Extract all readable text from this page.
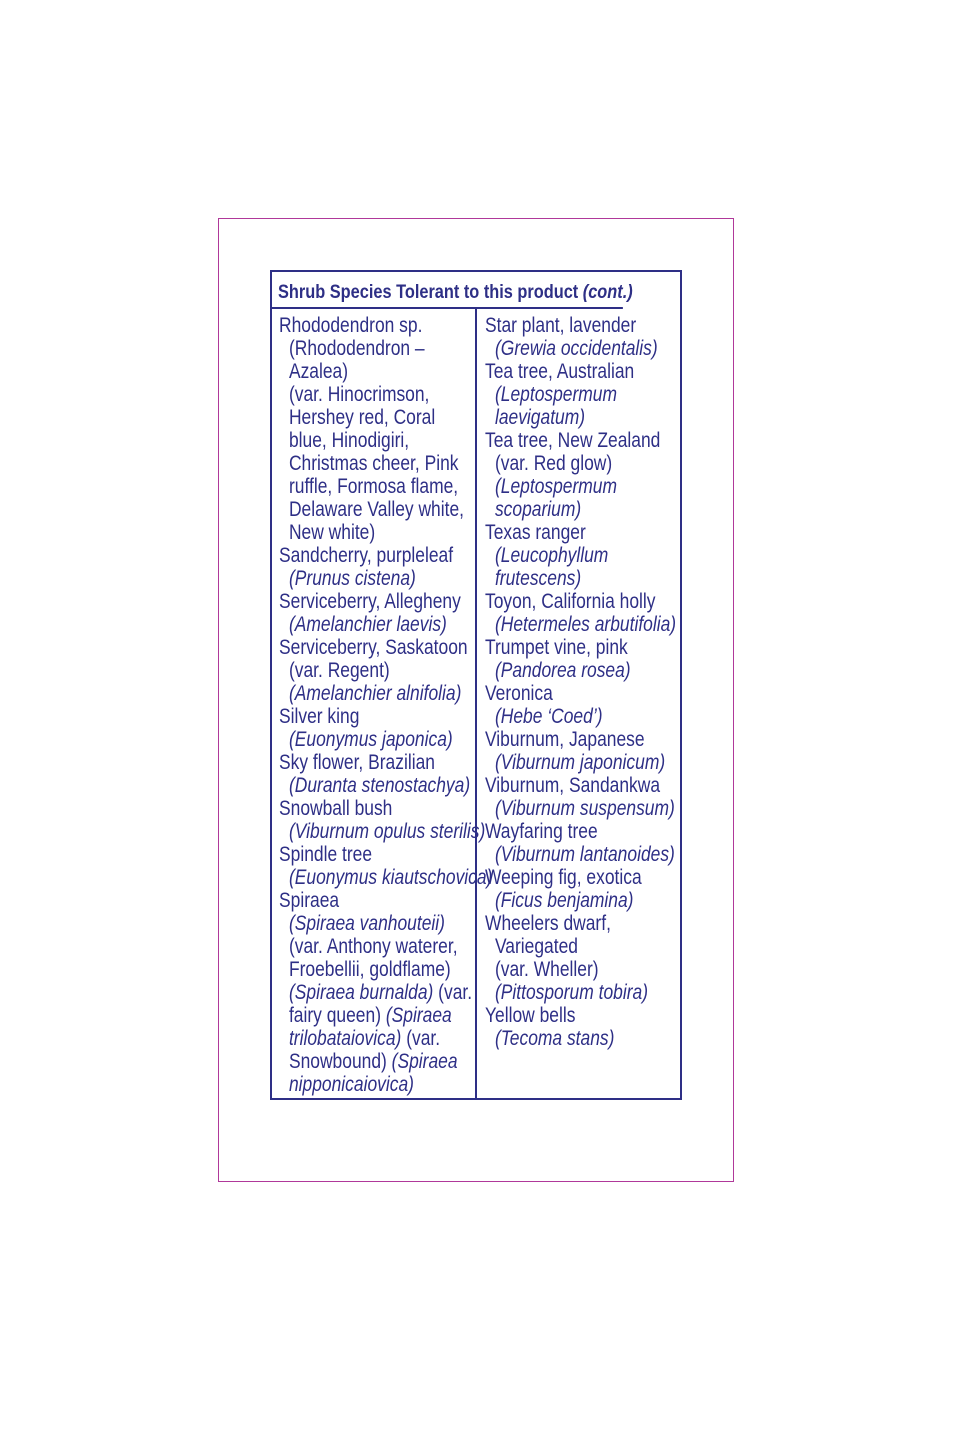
Shrub Species Tolerant to this product (cont.)
Rhododendron sp.
(Rhododendron –
Azalea)
(var. Hinocrimson,
Hershey red, Coral
blue, Hinodigiri,
Christmas cheer, Pink
ruffle, Formosa flame,
Delaware Valley white,
New white)
Sandcherry, purpleleaf
(Prunus cistena)
Serviceberry, Allegheny
(Amelanchier laevis)
Serviceberry, Saskatoon
(var. Regent)
(Amelanchier alnifolia)
Silver king
(Euonymus japonica)
Sky flower, Brazilian
(Duranta stenostachya)
Snowball bush
(Viburnum opulus sterilis)
Spindle tree
(Euonymus kiautschovica)
Spiraea
(Spiraea vanhouteii)
(var. Anthony waterer,
Froebellii, goldflame)
(Spiraea burnalda) (var.
fairy queen) (Spiraea
trilobataiovica) (var.
Snowbound) (Spiraea
nipponicaiovica)
Star plant, lavender
(Grewia occidentalis)
Tea tree, Australian
(Leptospermum
laevigatum)
Tea tree, New Zealand
(var. Red glow)
(Leptospermum
scoparium)
Texas ranger
(Leucophyllum
frutescens)
Toyon, California holly
(Hetermeles arbutifolia)
Trumpet vine, pink
(Pandorea rosea)
Veronica
(Hebe ‘Coed’)
Viburnum, Japanese
(Viburnum japonicum)
Viburnum, Sandankwa
(Viburnum suspensum)
Wayfaring tree
(Viburnum lantanoides)
Weeping fig, exotica
(Ficus benjamina)
Wheelers dwarf,
Variegated
(var. Wheller)
(Pittosporum tobira)
Yellow bells
(Tecoma stans)
